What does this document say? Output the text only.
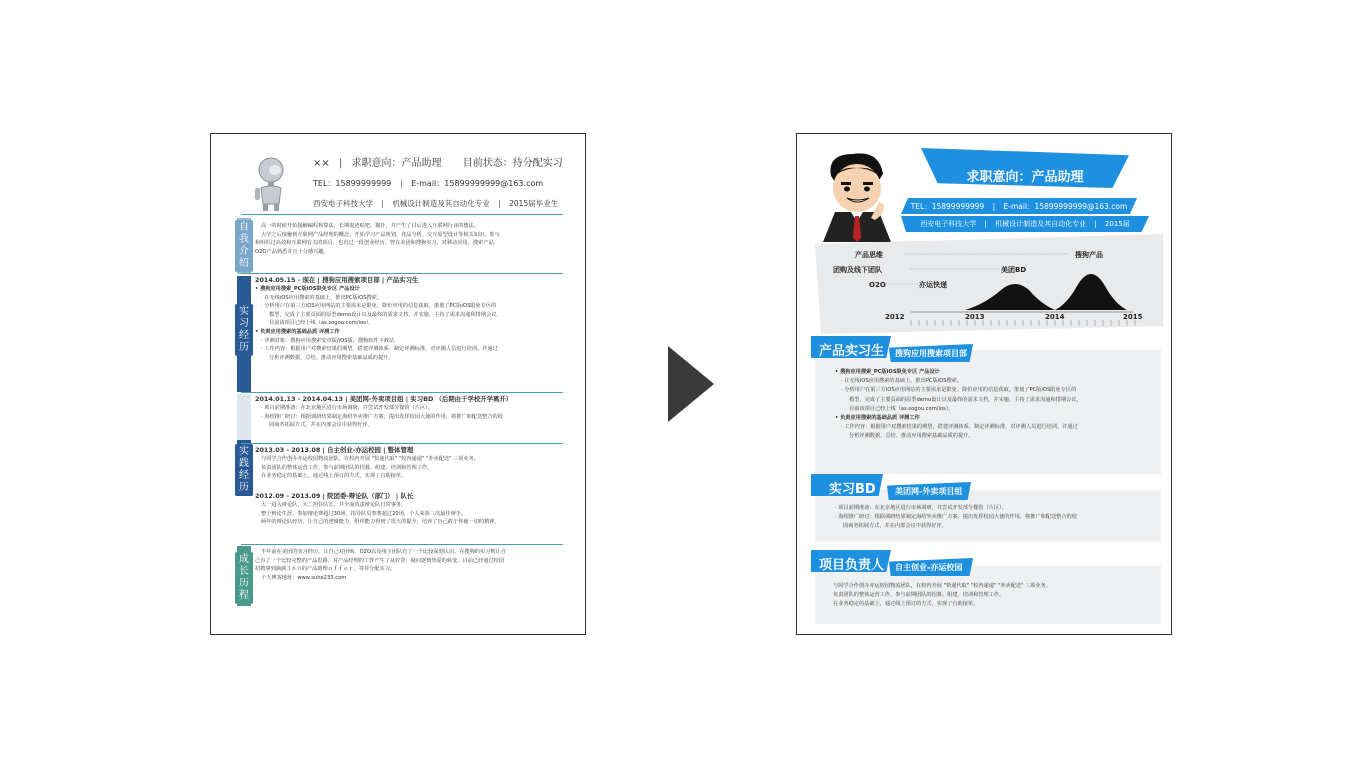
×× | 求职意向：产品助理 目前状态：待分配实习
TEL：15899999999 | E-mail：15899999999@163.com
西安电子科技大学 | 机械设计制造及其自动化专业 | 2015届毕业生
自我介绍
实习经历
实践经历
成长历程

高一的时候开始接触编程和算法，长期混迹贴吧、猫扑，并产生了日后进入互联网行业的想法。

大学之后接触到互联网产品经理的概念，开始学习产品规划、竞品分析、交互原型设计等相关知识。参与

和组织过高效和互联网有关的项目，也有过一段创业经历。曾在美团和搜狗实习，对移动应用、搜索产品、

O2O产品熟悉并且十分感兴趣。

2014.05.15 - 现在 | 搜狗应用搜索项目部 | 产品实习生

• 搜狗应用搜索_PC版iOS限免专区 产品设计

· 在无线iOS应用搜索的基础上，推出PC版iOS搜索。

· 分析用户在第三方iOS应用网站的主要需求是限免、降价应用的信息获取。策划了PC版iOS限免专区的

模型，完成了主要页面的原型demo设计以及最终的需求文档，并实施、主持了需求沟通和排期会议，

目前该项目已经上线（as.sogou.com/ios）。

• 负责应用搜索的基础品质 评测工作

· 评测对象：搜狗应用搜索安卓版/iOS版、搜狗软件下载站

· 工作内容：根据用户对搜索结果的期望，搭建评测体系、制定评测标准，对评测人员进行培训。并通过

分析评测数据，总结、推动应用搜索基础品质的提升。

2014.01.13 - 2014.04.13 | 美团网-外卖项目组 | 实习BD （后期由于学校开学离开）

· 项目前期准备：在北京地区进行市场调研，并尝试开发部分餐馆（片区）。

· 海绍推广研讨：根据调研结果制定海绍外卖推广方案，提出发挥校园大使的作用，将推广和配送整合的校

园商务拓展方式，并在内部会议中获得好评。

2013.03 - 2013.08 | 自主创业-亦运校园 | 整体管理

与同学合作创办亦运校园物流团队，在校内开展 "快递代取" "校内递递" "外卖配送" 三项业务。

负责团队的整体运营工作，参与前期团队的招募、组建、培训和管理工作。

在业务稳定的基础上，通过线上预订的方式，实现了自助接单。

2012.09 - 2013.09 | 院团委-辩论队（部门） | 队长

大一进入辩论队，大二担任队长，并全面负责辩论队日常事务。

整个辩论生涯，参加辩论赛超过30场，指导队员参赛超过20场。个人荣获三次最佳辩手。

两年的辩论队经历，让自己的逻辑能力、组织能力得到了很大的提升，培养了自己敢于怀疑一切的精神。

半年前在美团的实习经历，让自己对团购、O2O以及线下团队有了一个比较深刻认识。在搜狗的实习则让自

己有了一个比较完整的产品思路，对产品经理的工作产生了从好奇、疑问逐到热爱的转变。目前已经通过校园

招聘拿到滴滴３６０的产品助理ｏｆｆｅｒ，等待分配实习。

个人博客地址：www.suhe233.com

求职意向：产品助理
TEL：15899999999 | E-mail：15899999999@163.com
西安电子科技大学 | 机械设计制造及其自动化专业 | 2015届
产品思维	搜狗产品
团购及线下团队	美团BD
O2O	亦运快递
2012	2013	2014	2015
产品实习生 搜狗应用搜索项目部

• 搜狗应用搜索_PC版iOS限免专区 产品设计

· 在无线iOS应用搜索的基础上，推出PC版iOS搜索。

· 分析用户在第三方iOS应用网站的主要需求是限免、降价应用的信息获取。策划了PC版iOS限免专区的

模型，完成了主要页面的原型demo设计以及最终的需求文档，并实施、主持了需求沟通和排期会议，

目前该项目已经上线（as.sogou.com/ios）。

• 负责应用搜索的基础品质 评测工作

· 工作内容：根据用户对搜索结果的期望，搭建评测体系、制定评测标准，对评测人员进行培训。并通过

分析评测数据，总结、推动应用搜索基础品质的提升。

实习BD 美团网-外卖项目组

· 项目前期准备：在北京地区进行市场调研，并尝试开发部分餐馆（片区）。

· 海绍推广研讨：根据调研结果制定海绍外卖推广方案，提出发挥校园大使的作用，将推广和配送整合的校

园商务拓展方式，并在内部会议中获得好评。

项目负责人 自主创业-亦运校园

与同学合作创办亦运校园物流团队，在校内开展 "快递代取" "校内递递" "外卖配送" 三项业务。

负责团队的整体运营工作，参与前期团队的招募、组建、培训和管理工作。

在业务稳定的基础上，通过线上预订的方式，实现了自助接单。
